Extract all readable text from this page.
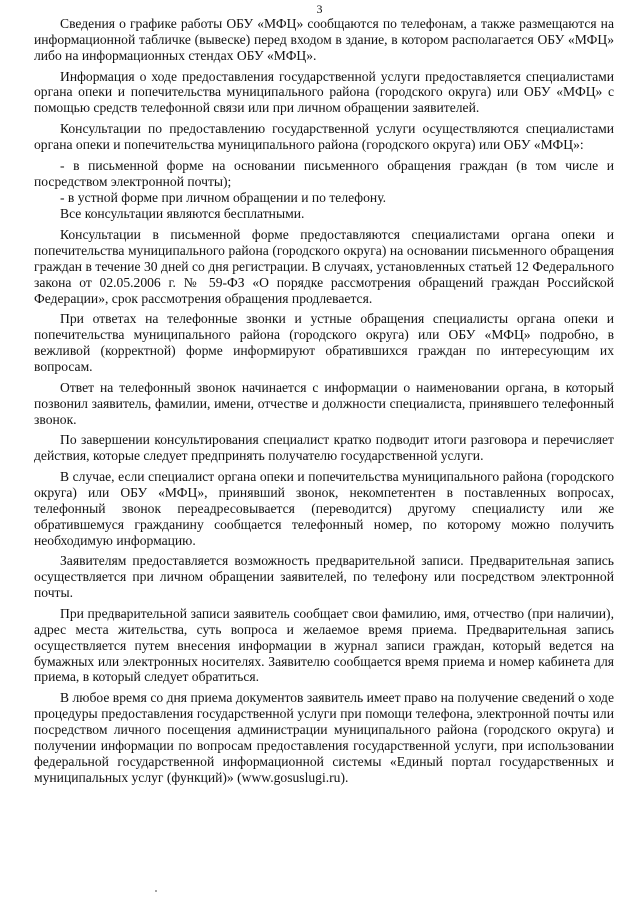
3

Сведения о графике работы ОБУ «МФЦ» сообщаются по телефонам, а также размещаются на информационной табличке (вывеске) перед входом в здание, в котором располагается ОБУ «МФЦ» либо на информационных стендах ОБУ «МФЦ».

Информация о ходе предоставления государственной услуги предоставляется специалистами органа опеки и попечительства муниципального района (городского округа) или ОБУ «МФЦ» с помощью средств телефонной связи или при личном обращении заявителей.

Консультации по предоставлению государственной услуги осуществляются специалистами органа опеки и попечительства муниципального района (городского округа) или ОБУ «МФЦ»:

- в письменной форме на основании письменного обращения граждан (в том числе и посредством электронной почты);

- в устной форме при личном обращении и по телефону.

Все консультации являются бесплатными.

Консультации в письменной форме предоставляются специалистами органа опеки и попечительства муниципального района (городского округа) на основании письменного обращения граждан в течение 30 дней со дня регистрации. В случаях, установленных статьей 12 Федерального закона от 02.05.2006 г. № 59-ФЗ «О порядке рассмотрения обращений граждан Российской Федерации», срок рассмотрения обращения продлевается.

При ответах на телефонные звонки и устные обращения специалисты органа опеки и попечительства муниципального района (городского округа) или ОБУ «МФЦ» подробно, в вежливой (корректной) форме информируют обратившихся граждан по интересующим их вопросам.

Ответ на телефонный звонок начинается с информации о наименовании органа, в который позвонил заявитель, фамилии, имени, отчестве и должности специалиста, принявшего телефонный звонок.

По завершении консультирования специалист кратко подводит итоги разговора и перечисляет действия, которые следует предпринять получателю государственной услуги.

В случае, если специалист органа опеки и попечительства муниципального района (городского округа) или ОБУ «МФЦ», принявший звонок, некомпетентен в поставленных вопросах, телефонный звонок переадресовывается (переводится) другому специалисту или же обратившемуся гражданину сообщается телефонный номер, по которому можно получить необходимую информацию.

Заявителям предоставляется возможность предварительной записи. Предварительная запись осуществляется при личном обращении заявителей, по телефону или посредством электронной почты.

При предварительной записи заявитель сообщает свои фамилию, имя, отчество (при наличии), адрес места жительства, суть вопроса и желаемое время приема. Предварительная запись осуществляется путем внесения информации в журнал записи граждан, который ведется на бумажных или электронных носителях. Заявителю сообщается время приема и номер кабинета для приема, в который следует обратиться.

В любое время со дня приема документов заявитель имеет право на получение сведений о ходе процедуры предоставления государственной услуги при помощи телефона, электронной почты или посредством личного посещения администрации муниципального района (городского округа) и получении информации по вопросам предоставления государственной услуги, при использовании федеральной государственной информационной системы «Единый портал государственных и муниципальных услуг (функций)» (www.gosuslugi.ru).
